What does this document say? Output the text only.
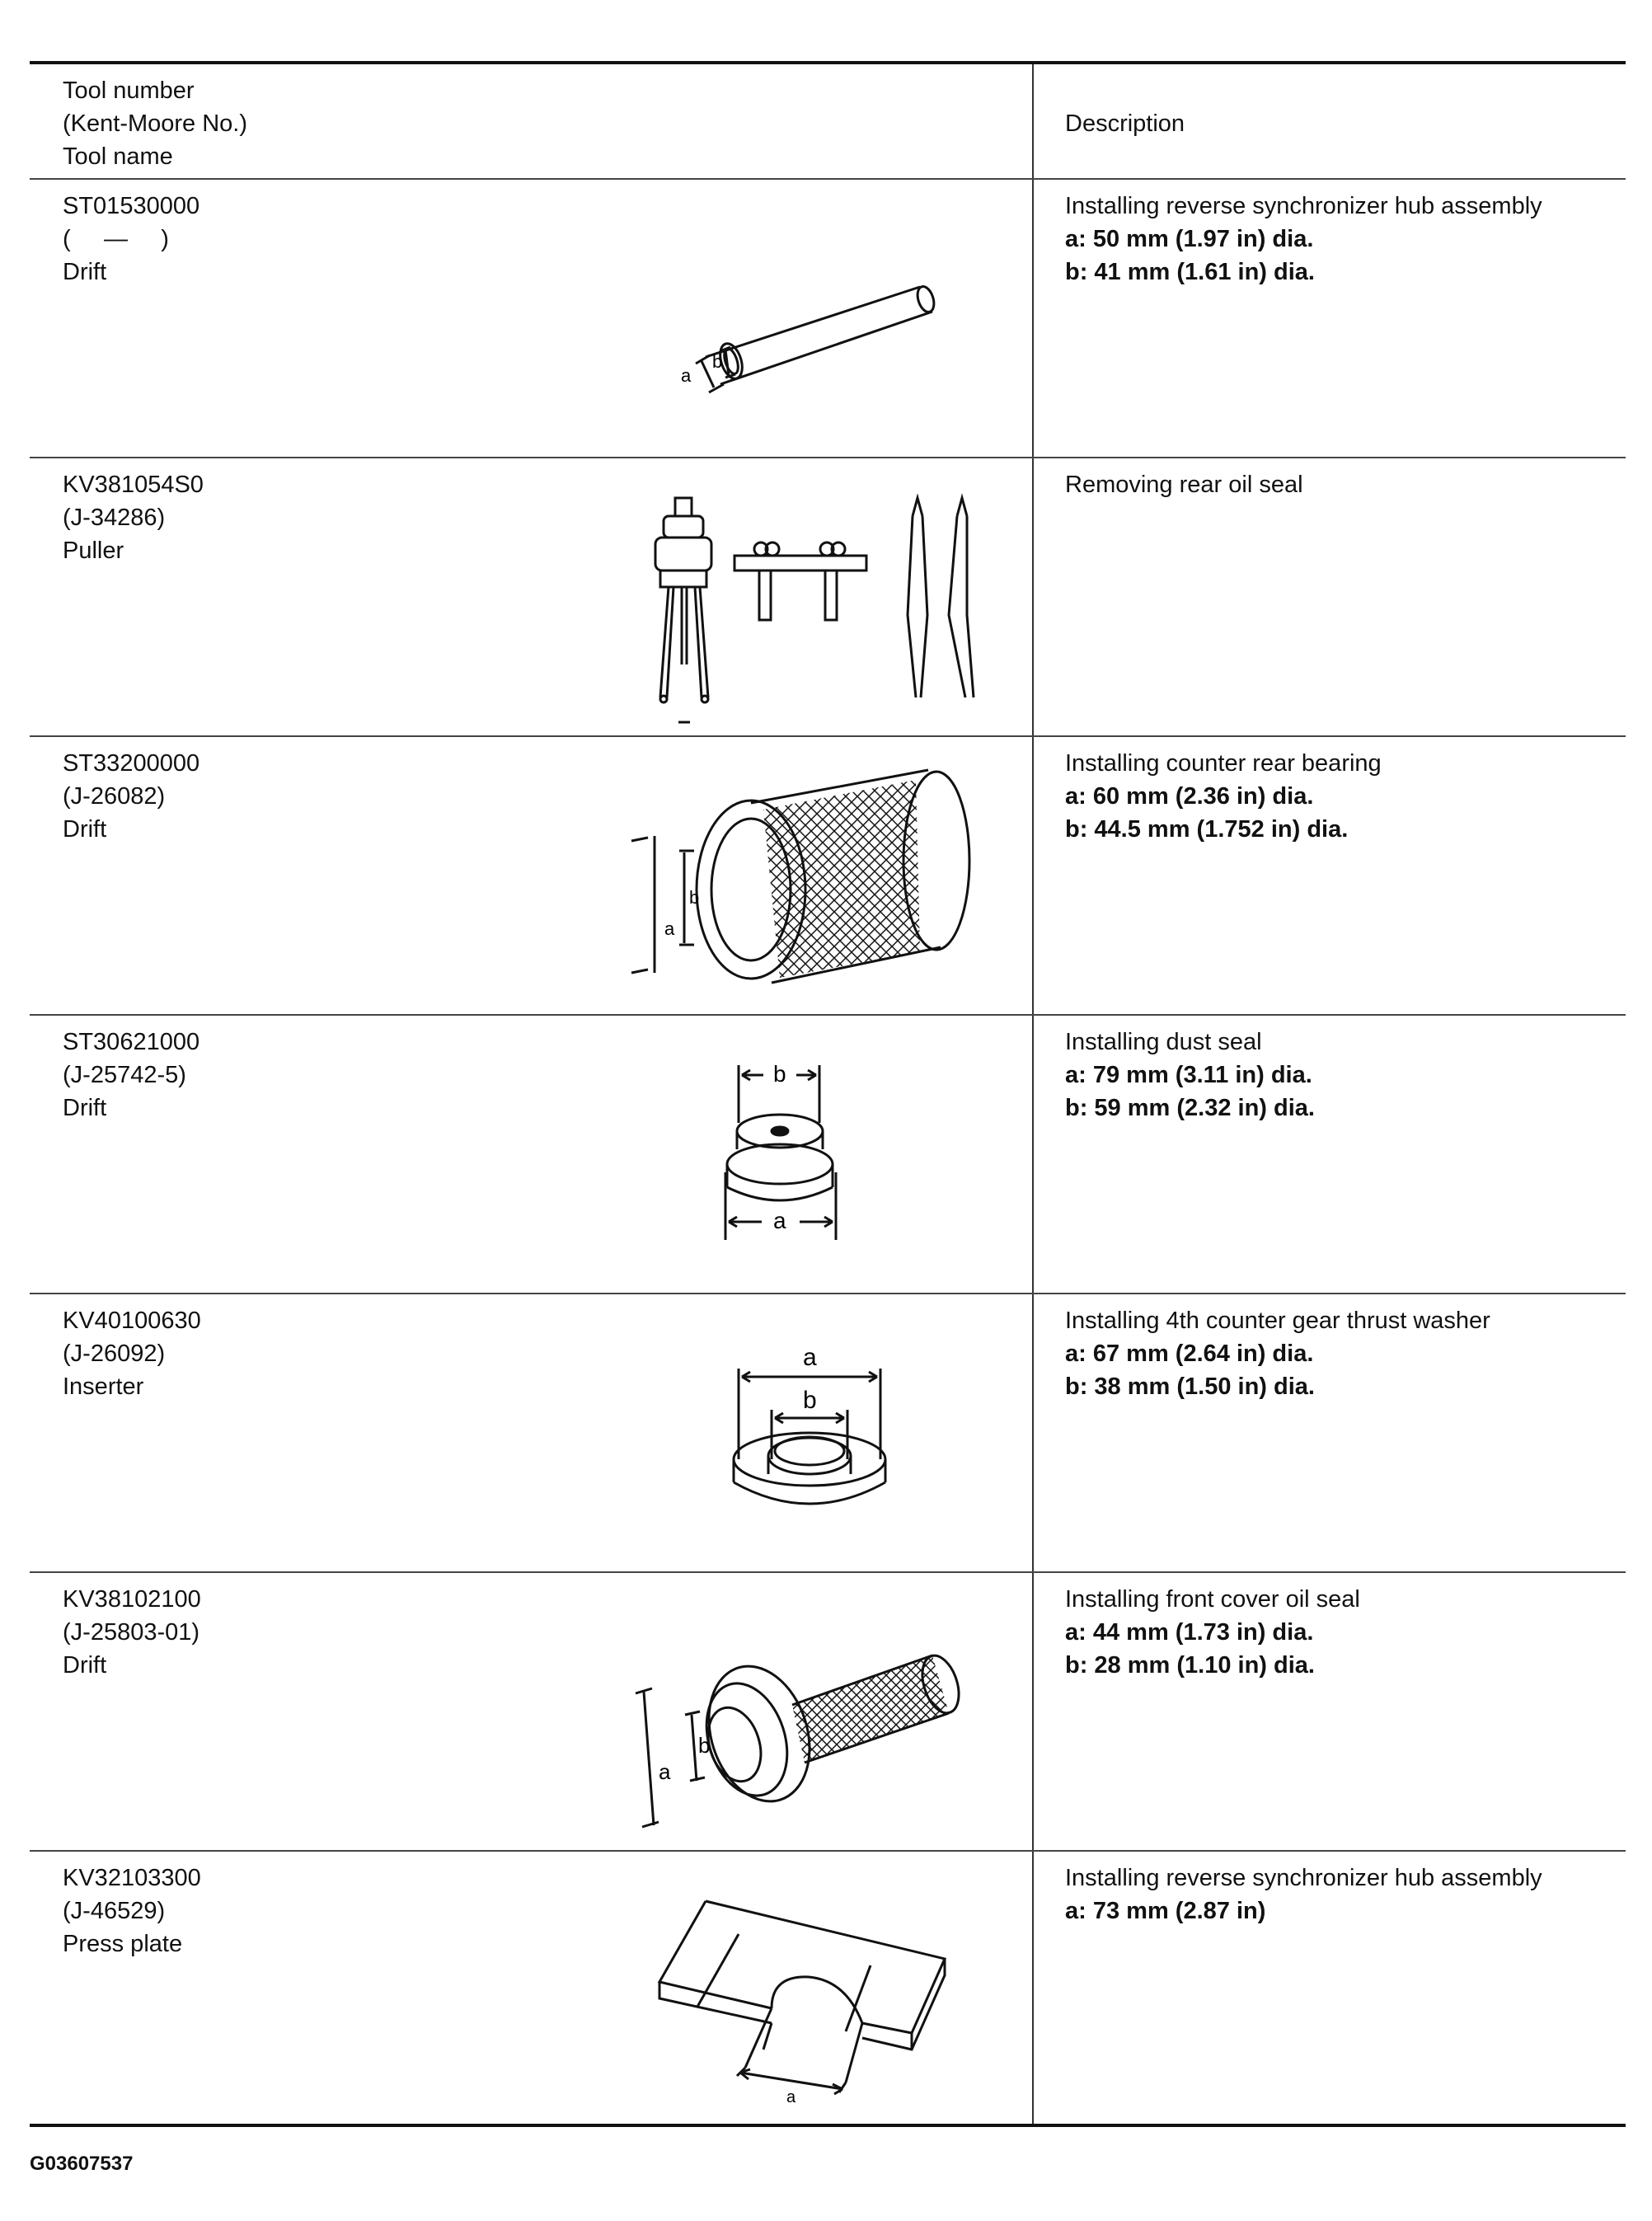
Tool number
(Kent-Moore No.)
Tool name
Description
ST01530000
(     —     )
Drift
a
b
Installing reverse synchronizer hub assembly
a: 50 mm (1.97 in) dia.
b: 41 mm (1.61 in) dia.
KV381054S0
(J-34286)
Puller
Removing rear oil seal
ST33200000
(J-26082)
Drift
a
b
Installing counter rear bearing
a: 60 mm (2.36 in) dia.
b: 44.5 mm (1.752 in) dia.
ST30621000
(J-25742-5)
Drift
b
a
Installing dust seal
a: 79 mm (3.11 in) dia.
b: 59 mm (2.32 in) dia.
KV40100630
(J-26092)
Inserter
a
b
Installing 4th counter gear thrust washer
a: 67 mm (2.64 in) dia.
b: 38 mm (1.50 in) dia.
KV38102100
(J-25803-01)
Drift
a
b
Installing front cover oil seal
a: 44 mm (1.73 in) dia.
b: 28 mm (1.10 in) dia.
KV32103300
(J-46529)
Press plate
a
Installing reverse synchronizer hub assembly
a: 73 mm (2.87 in)
G03607537
